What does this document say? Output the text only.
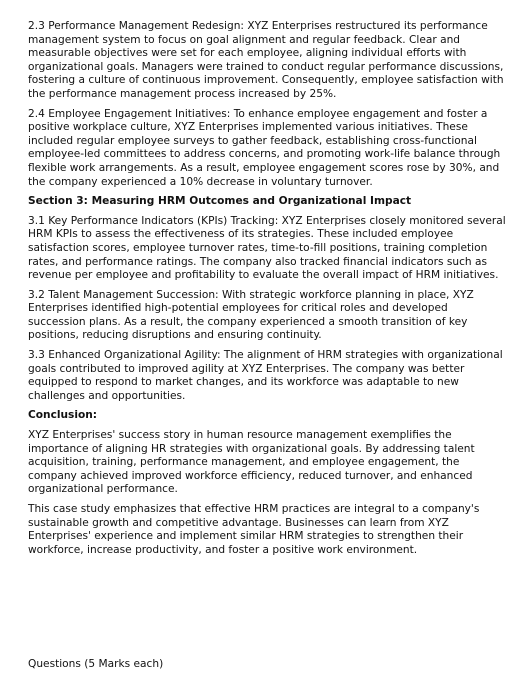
2.3 Performance Management Redesign: XYZ Enterprises restructured its performance management system to focus on goal alignment and regular feedback. Clear and measurable objectives were set for each employee, aligning individual efforts with organizational goals. Managers were trained to conduct regular performance discussions, fostering a culture of continuous improvement. Consequently, employee satisfaction with the performance management process increased by 25%.

2.4 Employee Engagement Initiatives: To enhance employee engagement and foster a positive workplace culture, XYZ Enterprises implemented various initiatives. These included regular employee surveys to gather feedback, establishing cross-functional employee-led committees to address concerns, and promoting work-life balance through flexible work arrangements. As a result, employee engagement scores rose by 30%, and the company experienced a 10% decrease in voluntary turnover.

Section 3: Measuring HRM Outcomes and Organizational Impact

3.1 Key Performance Indicators (KPIs) Tracking: XYZ Enterprises closely monitored several HRM KPIs to assess the effectiveness of its strategies. These included employee satisfaction scores, employee turnover rates, time-to-fill positions, training completion rates, and performance ratings. The company also tracked financial indicators such as revenue per employee and profitability to evaluate the overall impact of HRM initiatives.

3.2 Talent Management Succession: With strategic workforce planning in place, XYZ Enterprises identified high-potential employees for critical roles and developed succession plans. As a result, the company experienced a smooth transition of key positions, reducing disruptions and ensuring continuity.

3.3 Enhanced Organizational Agility: The alignment of HRM strategies with organizational goals contributed to improved agility at XYZ Enterprises. The company was better equipped to respond to market changes, and its workforce was adaptable to new challenges and opportunities.

Conclusion:

XYZ Enterprises' success story in human resource management exemplifies the importance of aligning HR strategies with organizational goals. By addressing talent acquisition, training, performance management, and employee engagement, the company achieved improved workforce efficiency, reduced turnover, and enhanced organizational performance.

This case study emphasizes that effective HRM practices are integral to a company's sustainable growth and competitive advantage. Businesses can learn from XYZ Enterprises' experience and implement similar HRM strategies to strengthen their workforce, increase productivity, and foster a positive work environment.

Questions (5 Marks each)
